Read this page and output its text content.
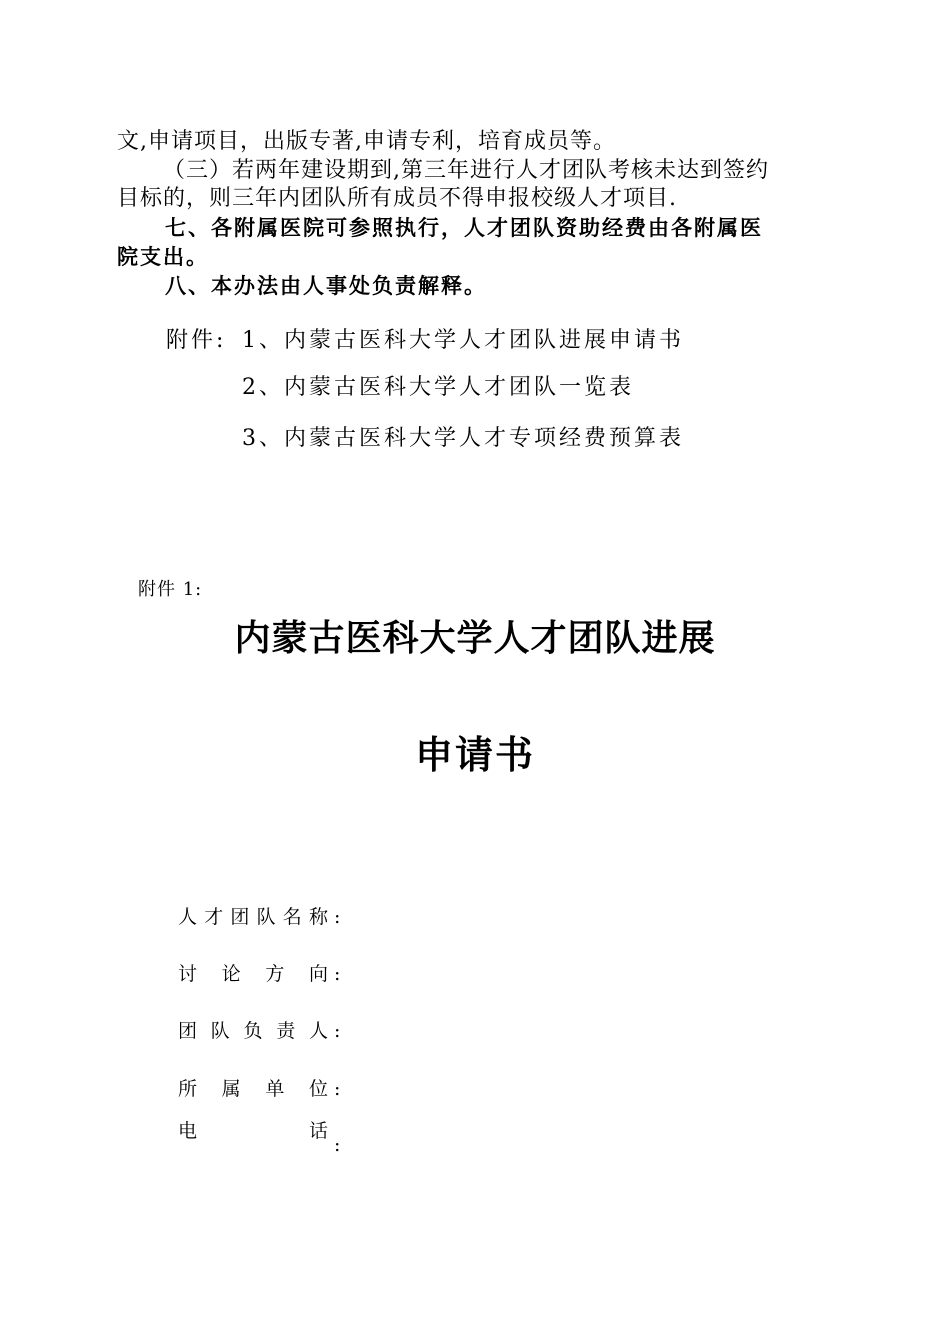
文,申请项目，出版专著,申请专利，培育成员等。
（三）若两年建设期到,第三年进行人才团队考核未达到签约
目标的，则三年内团队所有成员不得申报校级人才项目.
七、各附属医院可参照执行，人才团队资助经费由各附属医
院支出。
八、本办法由人事处负责解释。
附件: 1、内蒙古医科大学人才团队进展申请书
2、内蒙古医科大学人才团队一览表
3、内蒙古医科大学人才专项经费预算表
附件 1:
内蒙古医科大学人才团队进展
申请书
人才团队名称 :
讨论方向 :
团队负责人 :
所属单位 :
电话:
